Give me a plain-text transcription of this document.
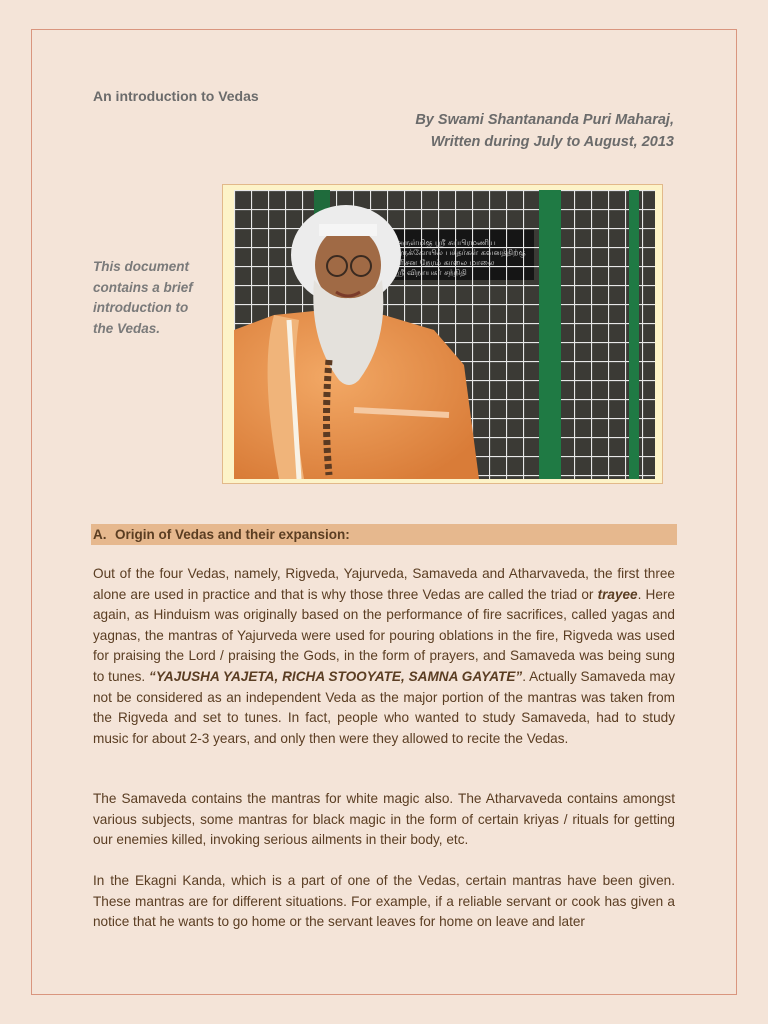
An introduction to Vedas
By Swami Shantananda Puri Maharaj,
Written during July to August, 2013
This document contains a brief introduction to the Vedas.
A. Origin of Vedas and their expansion:
Out of the four Vedas, namely, Rigveda, Yajurveda, Samaveda and Atharvaveda, the first three alone are used in practice and that is why those three Vedas are called the triad or trayee. Here again, as Hinduism was originally based on the performance of fire sacrifices, called yagas and yagnas, the mantras of Yajurveda were used for pouring oblations in the fire, Rigveda was used for praising the Lord / praising the Gods, in the form of prayers, and Samaveda was being sung to tunes. “YAJUSHA YAJETA, RICHA STOOYATE, SAMNA GAYATE”. Actually Samaveda may not be considered as an independent Veda as the major portion of the mantras was taken from the Rigveda and set to tunes. In fact, people who wanted to study Samaveda, had to study music for about 2-3 years, and only then were they allowed to recite the Vedas.
The Samaveda contains the mantras for white magic also. The Atharvaveda contains amongst various subjects, some mantras for black magic in the form of certain kriyas / rituals for getting our enemies killed, invoking serious ailments in their body, etc.
In the Ekagni Kanda, which is a part of one of the Vedas, certain mantras have been given. These mantras are for different situations. For example, if a reliable servant or cook has given a notice that he wants to go home or the servant leaves for home on leave and later
